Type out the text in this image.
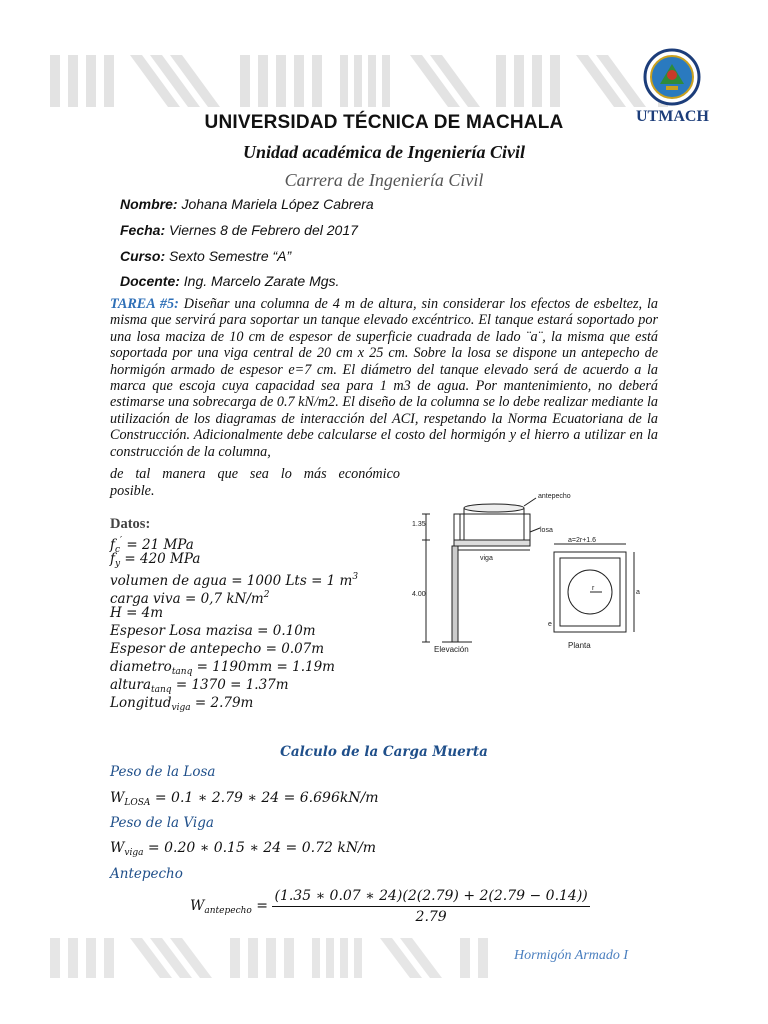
UTMACH
UNIVERSIDAD TÉCNICA DE MACHALA
Unidad académica de Ingeniería Civil
Carrera de Ingeniería Civil
Nombre: Johana Mariela López Cabrera
Fecha: Viernes 8 de Febrero del 2017
Curso: Sexto Semestre “A”
Docente: Ing. Marcelo Zarate Mgs.
TAREA #5: Diseñar una columna de 4 m de altura, sin considerar los efectos de esbeltez, la misma que servirá para soportar un tanque elevado excéntrico. El tanque estará soportado por una losa maciza de 10 cm de espesor de superficie cuadrada de lado ¨a¨, la misma que está soportada por una viga central de 20 cm x 25 cm. Sobre la losa se dispone un antepecho de hormigón armado de espesor e=7 cm. El diámetro del tanque elevado será de acuerdo a la marca que escoja cuya capacidad sea para 1 m3 de agua. Por mantenimiento, no deberá estimarse una sobrecarga de 0.7 kN/m2. El diseño de la columna se lo debe realizar mediante la utilización de los diagramas de interacción del ACI, respetando la Norma Ecuatoriana de la Construcción. Adicionalmente debe calcularse el costo del hormigón y el hierro a utilizar en la construcción de la columna,
de tal manera que sea lo más económico
posible.
Datos:
$f_c' = 21$ MPa
$f_y = 420$ MPa
volumen de agua = 1000 Lts = 1 $m^3$
carga viva = 0,7 $kN/m^2$
H = 4m
Espesor Losa mazisa = 0.10m
Espesor de antepecho = 0.07m
diametro$_{tanq}$ = 1190mm = 1.19m
altura$_{tanq}$ = 1370 = 1.37m
Longitud$_{viga}$ = 2.79m
antepecho
losa
viga
1.35
4.00
Elevación
a=2r+1.6
r
a
e
Planta
Calculo de la Carga Muerta
Peso de la Losa
$W_{LOSA} = 0.1$ ∗ 2.79 ∗ 24 = 6.696kN/m
Peso de la Viga
$W_{viga} = 0.20$ ∗ 0.15 ∗ 24 = 0.72 kN/m
Antepecho
$W_{antepecho} = \frac{(1.35 ∗ 0.07 ∗ 24)(2(2.79) + 2(2.79 - 0.14))}{2.79}$
Hormigón Armado I
